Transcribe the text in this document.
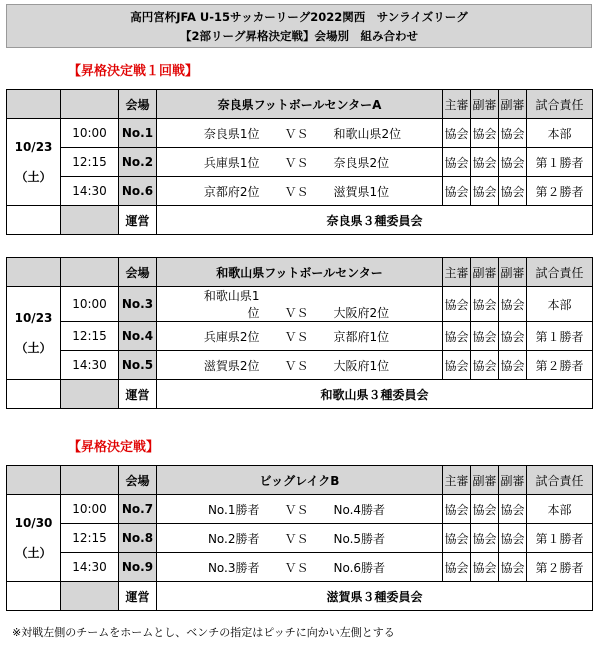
高円宮杯JFA U-15サッカーリーグ2022関西　サンライズリーグ
【2部リーグ昇格決定戦】会場別　組み合わせ
【昇格決定戦１回戦】
【昇格決定戦】
		会場	奈良県フットボールセンターA	主審	副審	副審	試合責任

10/23
（土）	10:00	No.1	奈良県1位 ＶＳ 和歌山県2位	協会	協会	協会	本部
	12:15	No.2	兵庫県1位 ＶＳ 奈良県2位	協会	協会	協会	第１勝者
	14:30	No.6	京都府2位 ＶＳ 滋賀県1位	協会	協会	協会	第２勝者
		運営	奈良県３種委員会				
		会場	和歌山県フットボールセンター	主審	副審	副審	試合責任

10/23
（土）	10:00	No.3	和歌山県1位 ＶＳ 大阪府2位	協会	協会	協会	本部
	12:15	No.4	兵庫県2位 ＶＳ 京都府1位	協会	協会	協会	第１勝者
	14:30	No.5	滋賀県2位 ＶＳ 大阪府1位	協会	協会	協会	第２勝者
		運営	和歌山県３種委員会				
		会場	ビッグレイクB	主審	副審	副審	試合責任

10/30
（土）	10:00	No.7	No.1勝者 ＶＳ No.4勝者	協会	協会	協会	本部
	12:15	No.8	No.2勝者 ＶＳ No.5勝者	協会	協会	協会	第１勝者
	14:30	No.9	No.3勝者 ＶＳ No.6勝者	協会	協会	協会	第２勝者
		運営	滋賀県３種委員会				
※対戦左側のチームをホームとし、ベンチの指定はピッチに向かい左側とする
